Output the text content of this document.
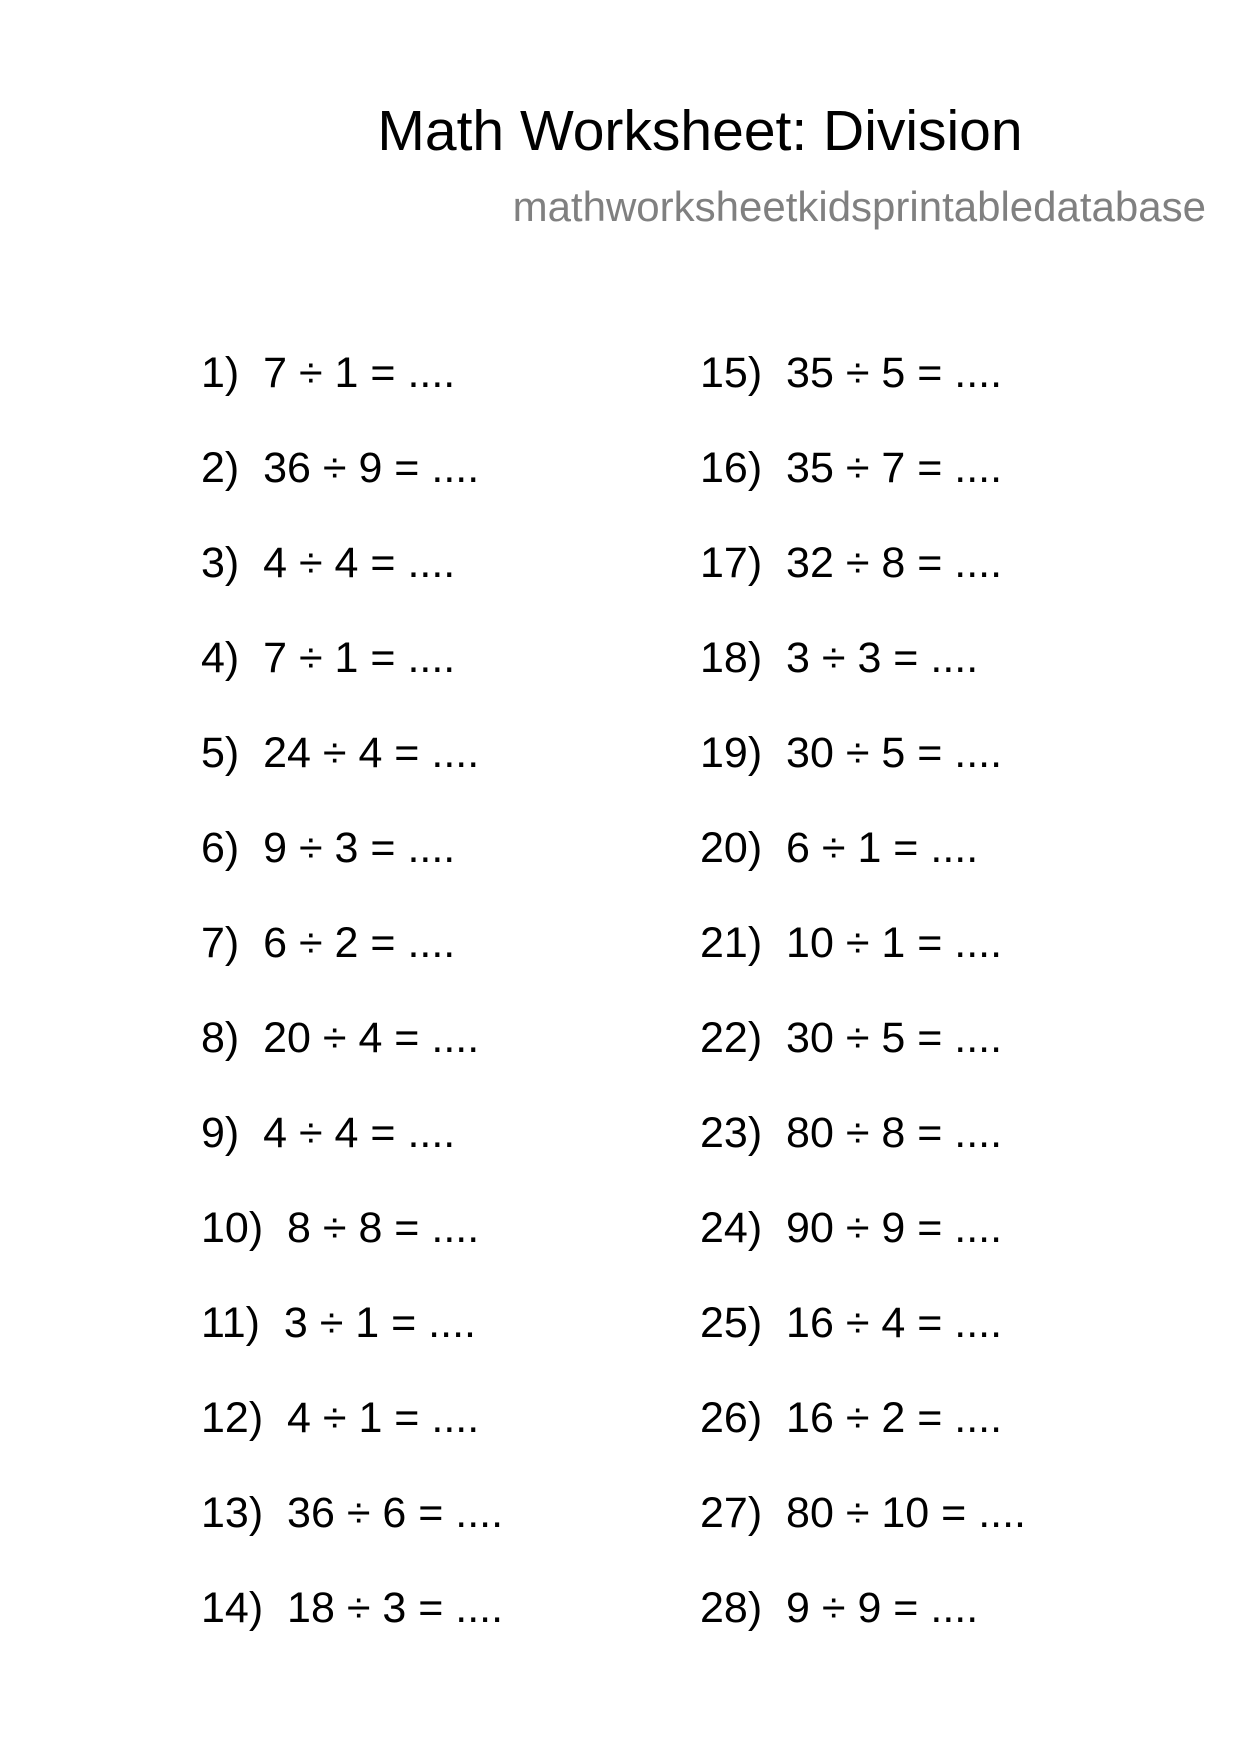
Math Worksheet: Division
mathworksheetkidsprintabledatabase
1)  7 ÷ 1 = ....
2)  36 ÷ 9 = ....
3)  4 ÷ 4 = ....
4)  7 ÷ 1 = ....
5)  24 ÷ 4 = ....
6)  9 ÷ 3 = ....
7)  6 ÷ 2 = ....
8)  20 ÷ 4 = ....
9)  4 ÷ 4 = ....
10)  8 ÷ 8 = ....
11)  3 ÷ 1 = ....
12)  4 ÷ 1 = ....
13)  36 ÷ 6 = ....
14)  18 ÷ 3 = ....
15)  35 ÷ 5 = ....
16)  35 ÷ 7 = ....
17)  32 ÷ 8 = ....
18)  3 ÷ 3 = ....
19)  30 ÷ 5 = ....
20)  6 ÷ 1 = ....
21)  10 ÷ 1 = ....
22)  30 ÷ 5 = ....
23)  80 ÷ 8 = ....
24)  90 ÷ 9 = ....
25)  16 ÷ 4 = ....
26)  16 ÷ 2 = ....
27)  80 ÷ 10 = ....
28)  9 ÷ 9 = ....
